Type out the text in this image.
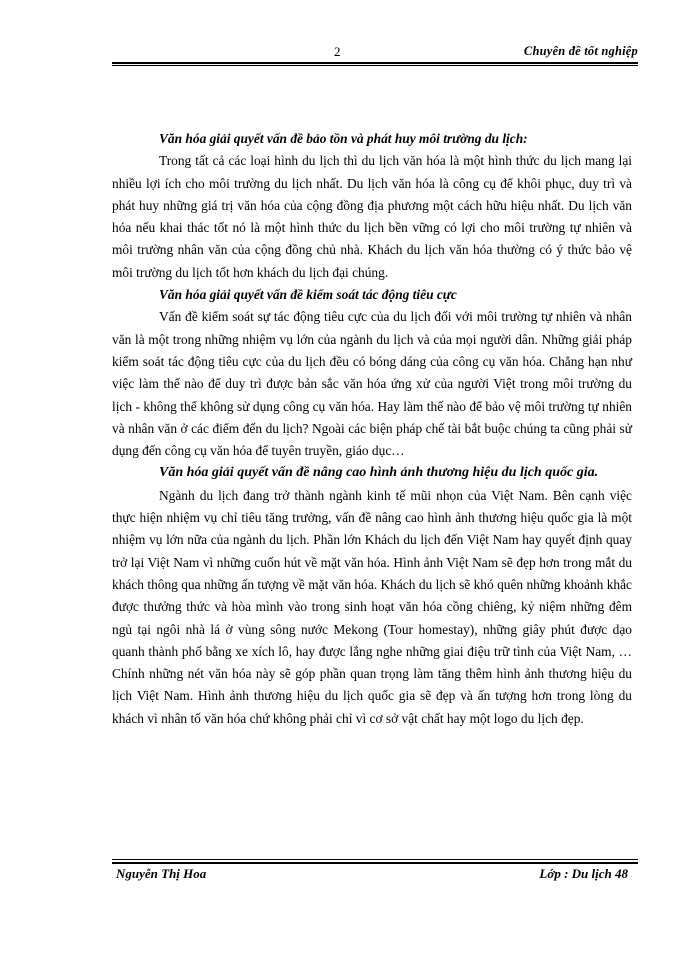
2	Chuyên đề tốt nghiệp

Văn hóa giải quyết vấn đề bảo tồn và phát huy môi trường du lịch:

Trong tất cả các loại hình du lịch thì du lịch văn hóa là một hình thức du lịch mang lại nhiều lợi ích cho môi trường du lịch nhất. Du lịch văn hóa là công cụ để khôi phục, duy trì và phát huy những giá trị văn hóa của cộng đồng địa phương một cách hữu hiệu nhất. Du lịch văn hóa nếu khai thác tốt nó là một hình thức du lịch bền vững có lợi cho môi trường tự nhiên và môi trường nhân văn của cộng đồng chủ nhà. Khách du lịch văn hóa thường có ý thức bảo vệ môi trường du lịch tốt hơn khách du lịch đại chúng.

Văn hóa giải quyết vấn đề kiểm soát tác động tiêu cực

Vấn đề kiểm soát sự tác động tiêu cực của du lịch đối với môi trường tự nhiên và nhân văn là một trong những nhiệm vụ lớn của ngành du lịch và của mọi người dân. Những giải pháp kiểm soát tác động tiêu cực của du lịch đều có bóng dáng của công cụ văn hóa. Chẳng hạn như việc làm thế nào để duy trì được bản sắc văn hóa ứng xử của người Việt trong môi trường du lịch - không thể không sử dụng công cụ văn hóa. Hay làm thế nào để bảo vệ môi trường tự nhiên và nhân văn ở các điểm đến du lịch? Ngoài các biện pháp chế tài bắt buộc chúng ta cũng phải sử dụng đến công cụ văn hóa để tuyên truyền, giáo dục…

Văn hóa giải quyết vấn đề nâng cao hình ảnh thương hiệu du lịch quốc gia.

Ngành du lịch đang trở thành ngành kinh tế mũi nhọn của Việt Nam. Bên cạnh việc thực hiện nhiệm vụ chỉ tiêu tăng trưởng, vấn đề nâng cao hình ảnh thương hiệu quốc gia là một nhiệm vụ lớn nữa của ngành du lịch. Phần lớn Khách du lịch đến Việt Nam hay quyết định quay trở lại Việt Nam vì những cuốn hút về mặt văn hóa. Hình ảnh Việt Nam sẽ đẹp hơn trong mắt du khách thông qua những ấn tượng về mặt văn hóa. Khách du lịch sẽ khó quên những khoảnh khắc được thưởng thức và hòa mình vào trong sinh hoạt văn hóa cồng chiêng, kỷ niệm những đêm ngủ tại ngôi nhà lá ở vùng sông nước Mekong (Tour homestay), những giây phút được dạo quanh thành phố bằng xe xích lô, hay được lắng nghe những giai điệu trữ tình của Việt Nam, …Chính những nét văn hóa này sẽ góp phần quan trọng làm tăng thêm hình ảnh thương hiệu du lịch Việt Nam. Hình ảnh thương hiệu du lịch quốc gia sẽ đẹp và ấn tượng hơn trong lòng du khách vì nhân tố văn hóa chứ không phải chỉ vì cơ sở vật chất hay một logo du lịch đẹp.

Nguyễn Thị Hoa	Lớp : Du lịch 48
